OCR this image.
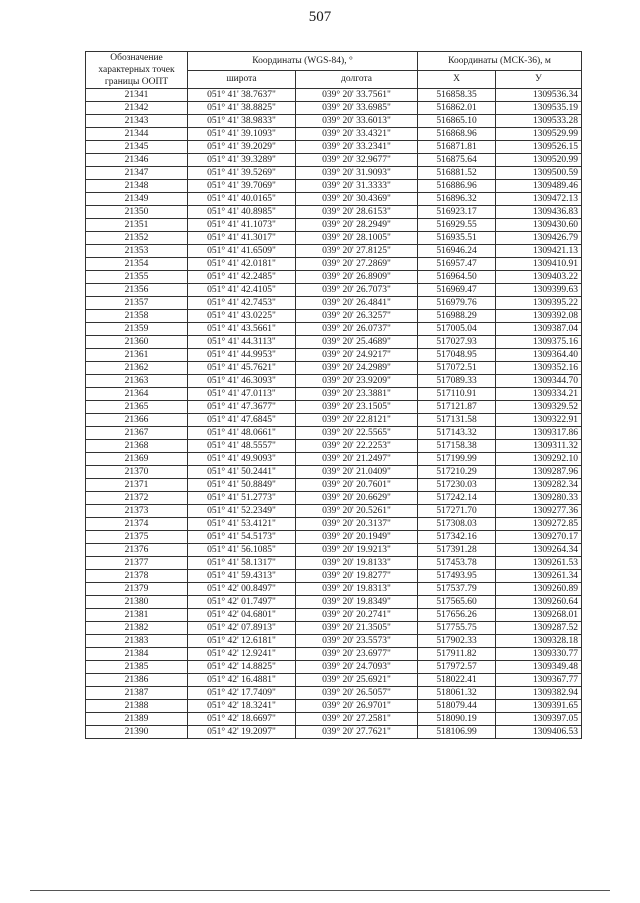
507
Обозначение характерных точек границы ООПТ	Координаты (WGS-84), °		Координаты (МСК-36), м	
	широта	долгота	X	У
21341	051° 41' 38.7637"	039° 20' 33.7561"	516858.35	1309536.34
21342	051° 41' 38.8825"	039° 20' 33.6985"	516862.01	1309535.19
21343	051° 41' 38.9833"	039° 20' 33.6013"	516865.10	1309533.28
21344	051° 41' 39.1093"	039° 20' 33.4321"	516868.96	1309529.99
21345	051° 41' 39.2029"	039° 20' 33.2341"	516871.81	1309526.15
21346	051° 41' 39.3289"	039° 20' 32.9677"	516875.64	1309520.99
21347	051° 41' 39.5269"	039° 20' 31.9093"	516881.52	1309500.59
21348	051° 41' 39.7069"	039° 20' 31.3333"	516886.96	1309489.46
21349	051° 41' 40.0165"	039° 20' 30.4369"	516896.32	1309472.13
21350	051° 41' 40.8985"	039° 20' 28.6153"	516923.17	1309436.83
21351	051° 41' 41.1073"	039° 20' 28.2949"	516929.55	1309430.60
21352	051° 41' 41.3017"	039° 20' 28.1005"	516935.51	1309426.79
21353	051° 41' 41.6509"	039° 20' 27.8125"	516946.24	1309421.13
21354	051° 41' 42.0181"	039° 20' 27.2869"	516957.47	1309410.91
21355	051° 41' 42.2485"	039° 20' 26.8909"	516964.50	1309403.22
21356	051° 41' 42.4105"	039° 20' 26.7073"	516969.47	1309399.63
21357	051° 41' 42.7453"	039° 20' 26.4841"	516979.76	1309395.22
21358	051° 41' 43.0225"	039° 20' 26.3257"	516988.29	1309392.08
21359	051° 41' 43.5661"	039° 20' 26.0737"	517005.04	1309387.04
21360	051° 41' 44.3113"	039° 20' 25.4689"	517027.93	1309375.16
21361	051° 41' 44.9953"	039° 20' 24.9217"	517048.95	1309364.40
21362	051° 41' 45.7621"	039° 20' 24.2989"	517072.51	1309352.16
21363	051° 41' 46.3093"	039° 20' 23.9209"	517089.33	1309344.70
21364	051° 41' 47.0113"	039° 20' 23.3881"	517110.91	1309334.21
21365	051° 41' 47.3677"	039° 20' 23.1505"	517121.87	1309329.52
21366	051° 41' 47.6845"	039° 20' 22.8121"	517131.58	1309322.91
21367	051° 41' 48.0661"	039° 20' 22.5565"	517143.32	1309317.86
21368	051° 41' 48.5557"	039° 20' 22.2253"	517158.38	1309311.32
21369	051° 41' 49.9093"	039° 20' 21.2497"	517199.99	1309292.10
21370	051° 41' 50.2441"	039° 20' 21.0409"	517210.29	1309287.96
21371	051° 41' 50.8849"	039° 20' 20.7601"	517230.03	1309282.34
21372	051° 41' 51.2773"	039° 20' 20.6629"	517242.14	1309280.33
21373	051° 41' 52.2349"	039° 20' 20.5261"	517271.70	1309277.36
21374	051° 41' 53.4121"	039° 20' 20.3137"	517308.03	1309272.85
21375	051° 41' 54.5173"	039° 20' 20.1949"	517342.16	1309270.17
21376	051° 41' 56.1085"	039° 20' 19.9213"	517391.28	1309264.34
21377	051° 41' 58.1317"	039° 20' 19.8133"	517453.78	1309261.53
21378	051° 41' 59.4313"	039° 20' 19.8277"	517493.95	1309261.34
21379	051° 42' 00.8497"	039° 20' 19.8313"	517537.79	1309260.89
21380	051° 42' 01.7497"	039° 20' 19.8349"	517565.60	1309260.64
21381	051° 42' 04.6801"	039° 20' 20.2741"	517656.26	1309268.01
21382	051° 42' 07.8913"	039° 20' 21.3505"	517755.75	1309287.52
21383	051° 42' 12.6181"	039° 20' 23.5573"	517902.33	1309328.18
21384	051° 42' 12.9241"	039° 20' 23.6977"	517911.82	1309330.77
21385	051° 42' 14.8825"	039° 20' 24.7093"	517972.57	1309349.48
21386	051° 42' 16.4881"	039° 20' 25.6921"	518022.41	1309367.77
21387	051° 42' 17.7409"	039° 20' 26.5057"	518061.32	1309382.94
21388	051° 42' 18.3241"	039° 20' 26.9701"	518079.44	1309391.65
21389	051° 42' 18.6697"	039° 20' 27.2581"	518090.19	1309397.05
21390	051° 42' 19.2097"	039° 20' 27.7621"	518106.99	1309406.53
